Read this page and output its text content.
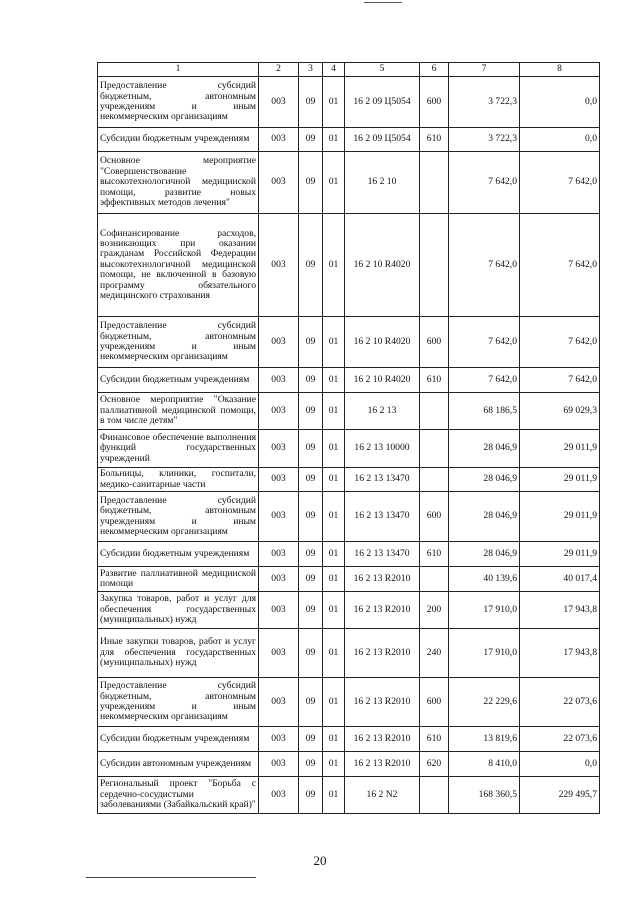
1	2	3	4	5	6	7	8

Предоставление субсидий бюджетным, автономным учреждениям и иным некоммерческим организациям	003	09	01	16 2 09 Ц5054	600	3 722,3	0,0

Субсидии бюджетным учреждениям	003	09	01	16 2 09 Ц5054	610	3 722,3	0,0

Основное мероприятие "Совершенствование высокотехнологичной медицинской помощи, развитие новых эффективных методов лечения"	003	09	01	16 2 10		7 642,0	7 642,0

Софинансирование расходов, возникающих при оказании гражданам Российской Федерации высокотехнологичной медицинской помощи, не включенной в базовую программу обязательного медицинского страхования	003	09	01	16 2 10 R4020		7 642,0	7 642,0

Предоставление субсидий бюджетным, автономным учреждениям и иным некоммерческим организациям	003	09	01	16 2 10 R4020	600	7 642,0	7 642,0

Субсидии бюджетным учреждениям	003	09	01	16 2 10 R4020	610	7 642,0	7 642,0

Основное мероприятие "Оказание паллиативной медицинской помощи, в том числе детям"	003	09	01	16 2 13		68 186,5	69 029,3

Финансовое обеспечение выполнения функций государственных учреждений	003	09	01	16 2 13 10000		28 046,9	29 011,9

Больницы, клиники, госпитали, медико-санитарные части	003	09	01	16 2 13 13470		28 046,9	29 011,9

Предоставление субсидий бюджетным, автономным учреждениям и иным некоммерческим организациям	003	09	01	16 2 13 13470	600	28 046,9	29 011,9

Субсидии бюджетным учреждениям	003	09	01	16 2 13 13470	610	28 046,9	29 011,9

Развитие паллиативной медицинской помощи	003	09	01	16 2 13 R2010		40 139,6	40 017,4

Закупка товаров, работ и услуг для обеспечения государственных (муниципальных) нужд	003	09	01	16 2 13 R2010	200	17 910,0	17 943,8

Иные закупки товаров, работ и услуг для обеспечения государственных (муниципальных) нужд	003	09	01	16 2 13 R2010	240	17 910,0	17 943,8

Предоставление субсидий бюджетным, автономным учреждениям и иным некоммерческим организациям	003	09	01	16 2 13 R2010	600	22 229,6	22 073,6

Субсидии бюджетным учреждениям	003	09	01	16 2 13 R2010	610	13 819,6	22 073,6

Субсидии автономным учреждениям	003	09	01	16 2 13 R2010	620	8 410,0	0,0

Региональный проект "Борьба с сердечно-сосудистыми заболеваниями (Забайкальский край)"	003	09	01	16 2 N2		168 360,5	229 495,7
20
